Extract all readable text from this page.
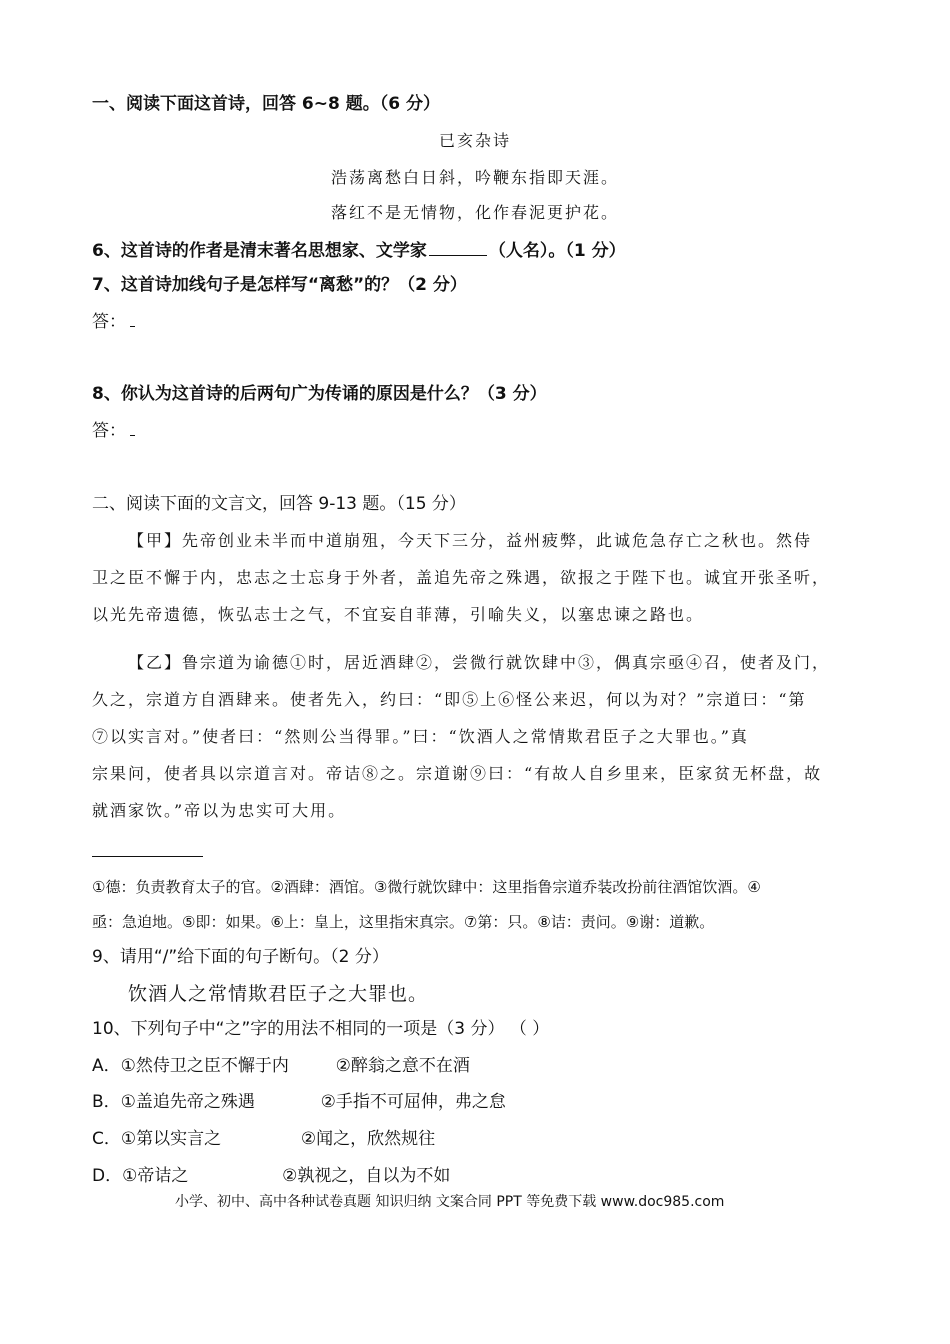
一、阅读下面这首诗，回答 6~8 题。（6 分）
已亥杂诗
浩荡离愁白日斜，吟鞭东指即天涯。
落红不是无情物，化作春泥更护花。
6、这首诗的作者是清末著名思想家、文学家	（人名）。（1 分）
7、这首诗加线句子是怎样写“离愁”的？（2 分）
答：
8、你认为这首诗的后两句广为传诵的原因是什么？（3 分）
答：
二、阅读下面的文言文，回答 9-13 题。（15 分）
【甲】先帝创业未半而中道崩殂，今天下三分，益州疲弊，此诚危急存亡之秋也。然侍
卫之臣不懈于内，忠志之士忘身于外者，盖追先帝之殊遇，欲报之于陛下也。诚宜开张圣听，
以光先帝遗德，恢弘志士之气，不宜妄自菲薄，引喻失义，以塞忠谏之路也。
【乙】鲁宗道为谕德①时，居近酒肆②，尝微行就饮肆中③，偶真宗亟④召，使者及门，
久之，宗道方自酒肆来。使者先入，约曰：“即⑤上⑥怪公来迟，何以为对？”宗道曰：“第
⑦以实言对。”使者曰：“然则公当得罪。”曰：“饮酒人之常情欺君臣子之大罪也。”真
宗果问，使者具以宗道言对。帝诘⑧之。宗道谢⑨曰：“有故人自乡里来，臣家贫无杯盘，故
就酒家饮。”帝以为忠实可大用。
①德：负责教育太子的官。②酒肆：酒馆。③微行就饮肆中：这里指鲁宗道乔装改扮前往酒馆饮酒。④
亟：急迫地。⑤即：如果。⑥上：皇上，这里指宋真宗。⑦第：只。⑧诘：责问。⑨谢：道歉。
9、请用“/”给下面的句子断句。（2 分）
饮酒人之常情欺君臣子之大罪也。
10、下列句子中“之”字的用法不相同的一项是（3 分） （ ）
A．①然侍卫之臣不懈于内	②醉翁之意不在酒
B．①盖追先帝之殊遇	②手指不可屈伸，弗之怠
C．①第以实言之	②闻之，欣然规往
D．①帝诘之	②孰视之，自以为不如
小学、初中、高中各种试卷真题 知识归纳 文案合同 PPT 等免费下载 www.doc985.com
